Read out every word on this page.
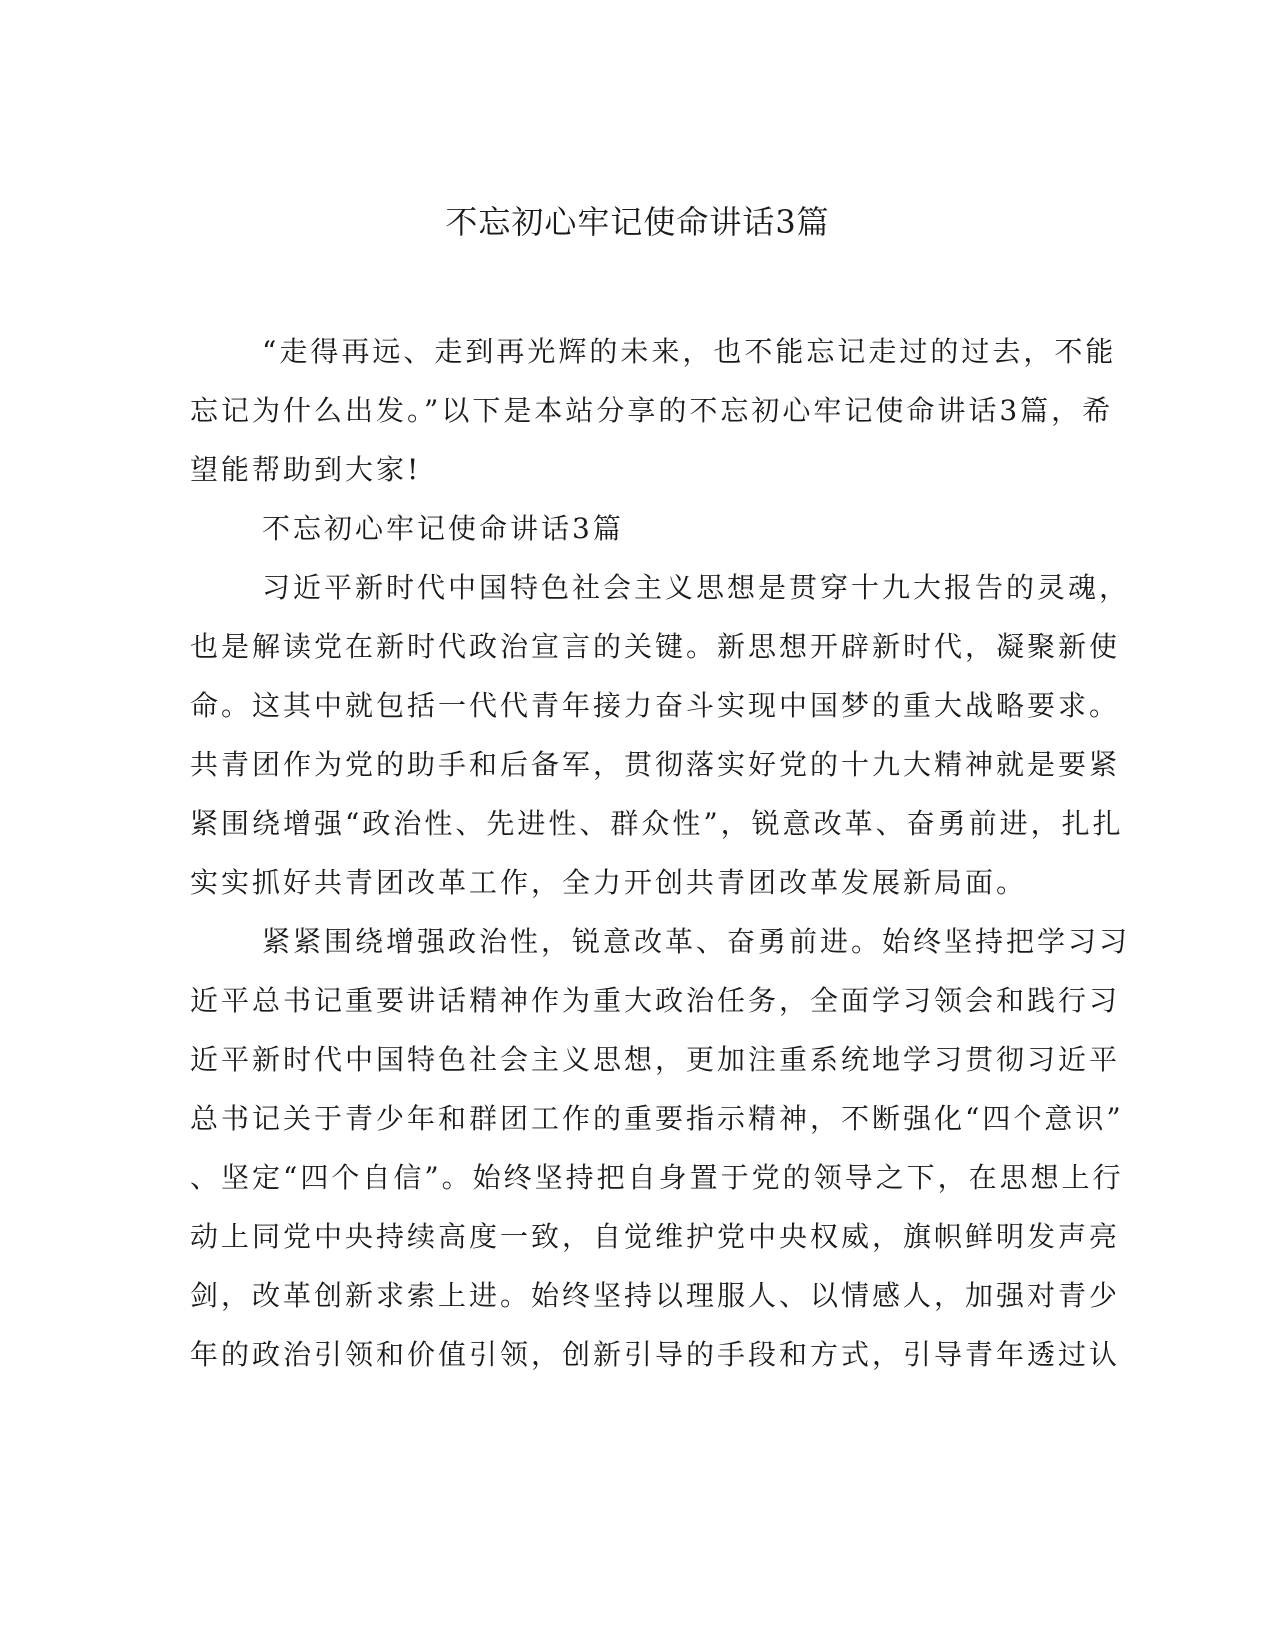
不忘初心牢记使命讲话3篇

“走得再远、走到再光辉的未来，也不能忘记走过的过去，不能
忘记为什么出发。”以下是本站分享的不忘初心牢记使命讲话3篇，希
望能帮助到大家!

不忘初心牢记使命讲话3篇

习近平新时代中国特色社会主义思想是贯穿十九大报告的灵魂，
也是解读党在新时代政治宣言的关键。新思想开辟新时代，凝聚新使
命。这其中就包括一代代青年接力奋斗实现中国梦的重大战略要求。
共青团作为党的助手和后备军，贯彻落实好党的十九大精神就是要紧
紧围绕增强“政治性、先进性、群众性”，锐意改革、奋勇前进，扎扎
实实抓好共青团改革工作，全力开创共青团改革发展新局面。

紧紧围绕增强政治性，锐意改革、奋勇前进。始终坚持把学习习
近平总书记重要讲话精神作为重大政治任务，全面学习领会和践行习
近平新时代中国特色社会主义思想，更加注重系统地学习贯彻习近平
总书记关于青少年和群团工作的重要指示精神，不断强化“四个意识”
、坚定“四个自信”。始终坚持把自身置于党的领导之下，在思想上行
动上同党中央持续高度一致，自觉维护党中央权威，旗帜鲜明发声亮
剑，改革创新求索上进。始终坚持以理服人、以情感人，加强对青少
年的政治引领和价值引领，创新引导的手段和方式，引导青年透过认
